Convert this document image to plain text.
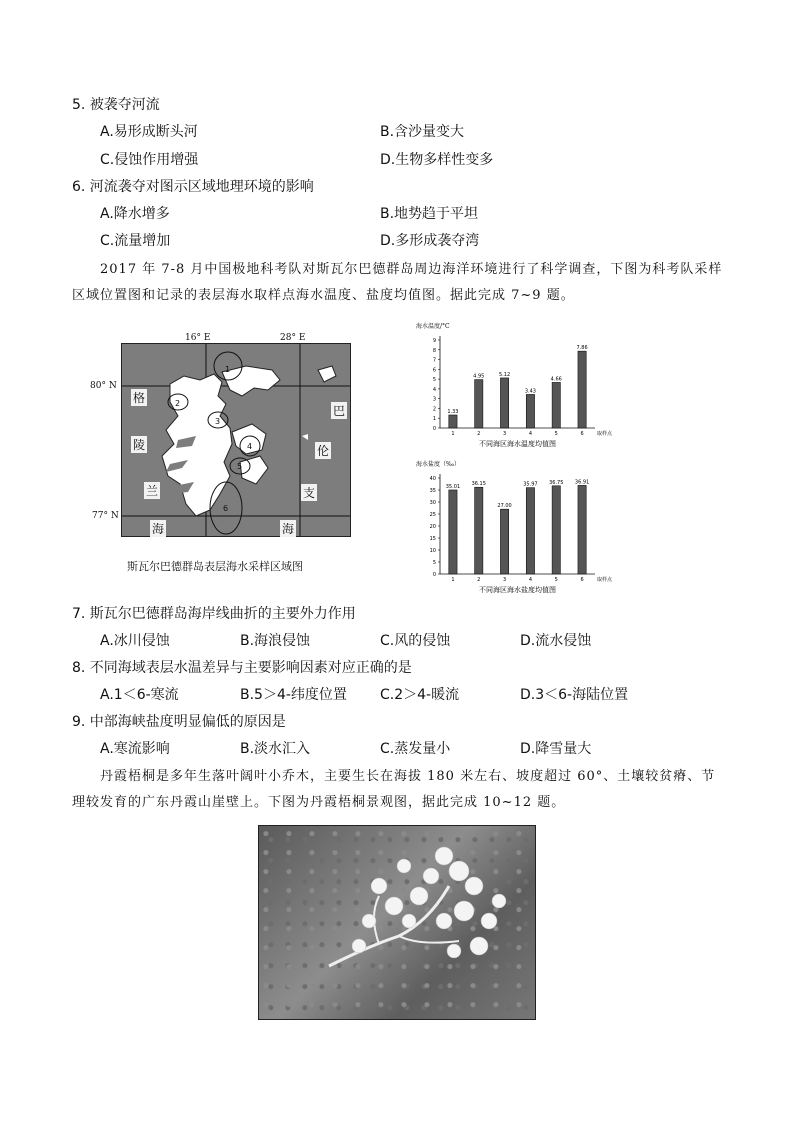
5. 被袭夺河流
A.易形成断头河	B.含沙量变大
C.侵蚀作用增强	D.生物多样性变多
6. 河流袭夺对图示区域地理环境的影响
A.降水增多	B.地势趋于平坦
C.流量增加	D.多形成袭夺湾
2017 年 7-8 月中国极地科考队对斯瓦尔巴德群岛周边海洋环境进行了科学调查，下图为科考队采样区域位置图和记录的表层海水取样点海水温度、盐度均值图。据此完成 7~9 题。
16° E	28° E
80° N
77° N
格
陵
兰
海
巴
伦
支
海
1
2
3
4
5
6
斯瓦尔巴德群岛表层海水采样区域图
海水温度/°C
0
1
2
3
4
5
6
7
8
9
1.33
1
4.95
2
5.12
3
3.43
4
4.66
5
7.86
6	取样点
不同海区海水温度均值图
海水盐度（‰）
0
5
10
15
20
25
30
35
40
35.01
1
36.15
2
27.00
3
35.97
4
36.75
5
36.91
6	取样点
不同海区海水盐度均值图
7. 斯瓦尔巴德群岛海岸线曲折的主要外力作用
A.冰川侵蚀	B.海浪侵蚀	C.风的侵蚀	D.流水侵蚀
8. 不同海域表层水温差异与主要影响因素对应正确的是
A.1＜6-寒流	B.5＞4-纬度位置 C.2＞4-暖流	D.3＜6-海陆位置
9. 中部海峡盐度明显偏低的原因是
A.寒流影响	B.淡水汇入	C.蒸发量小	D.降雪量大
丹霞梧桐是多年生落叶阔叶小乔木，主要生长在海拔 180 米左右、坡度超过 60°、土壤较贫瘠、节理较发育的广东丹霞山崖壁上。下图为丹霞梧桐景观图，据此完成 10~12 题。
